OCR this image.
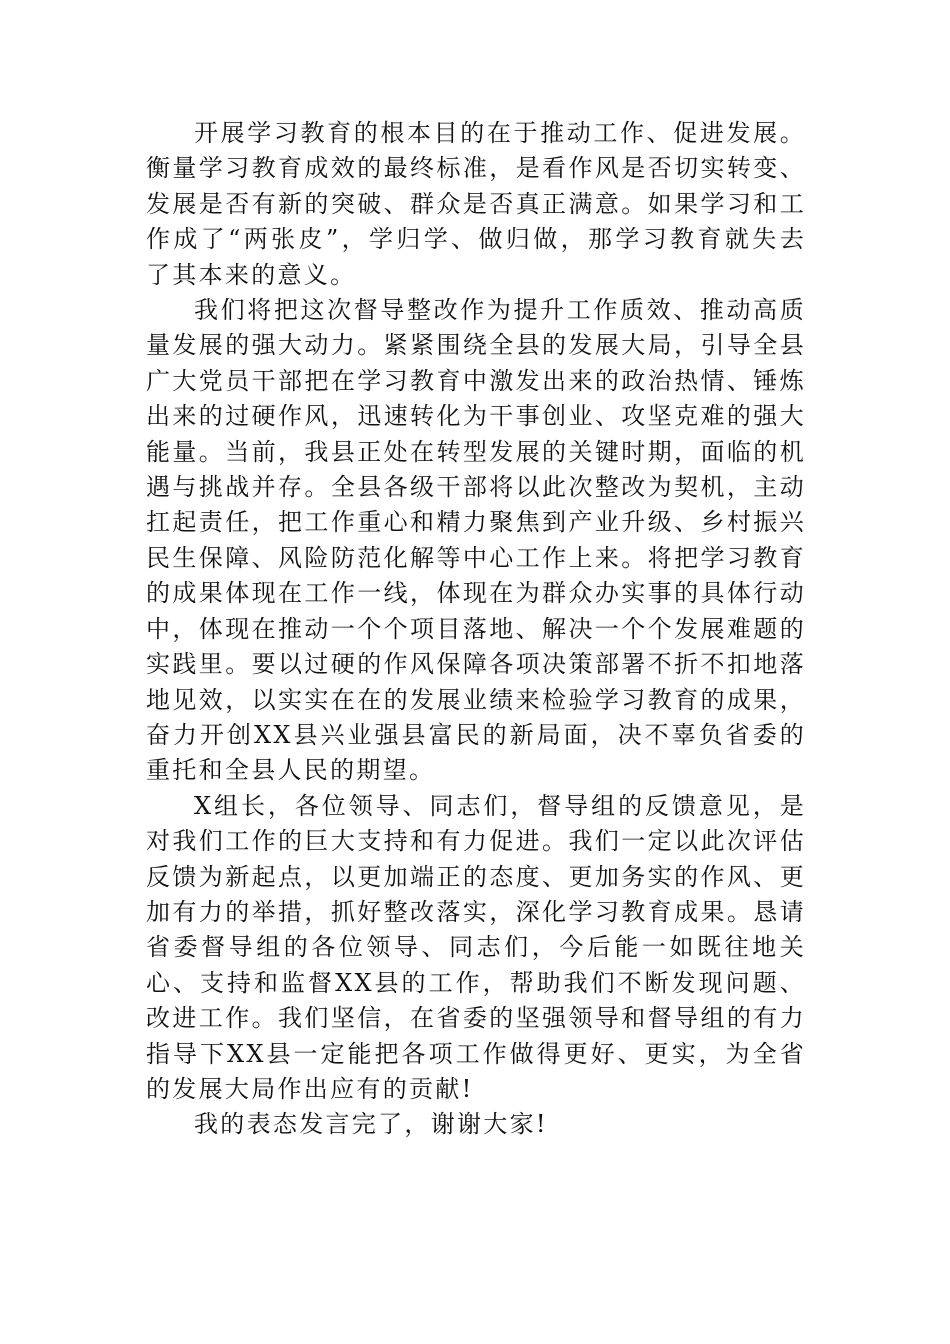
开展学习教育的根本目的在于推动工作、促进发展。衡量学习教育成效的最终标准，是看作风是否切实转变、发展是否有新的突破、群众是否真正满意。如果学习和工作成了“两张皮”，学归学、做归做，那学习教育就失去了其本来的意义。

我们将把这次督导整改作为提升工作质效、推动高质量发展的强大动力。紧紧围绕全县的发展大局，引导全县广大党员干部把在学习教育中激发出来的政治热情、锤炼出来的过硬作风，迅速转化为干事创业、攻坚克难的强大能量。当前，我县正处在转型发展的关键时期，面临的机遇与挑战并存。全县各级干部将以此次整改为契机，主动扛起责任，把工作重心和精力聚焦到产业升级、乡村振兴民生保障、风险防范化解等中心工作上来。将把学习教育的成果体现在工作一线，体现在为群众办实事的具体行动中，体现在推动一个个项目落地、解决一个个发展难题的实践里。要以过硬的作风保障各项决策部署不折不扣地落地见效，以实实在在的发展业绩来检验学习教育的成果，奋力开创XX县兴业强县富民的新局面，决不辜负省委的重托和全县人民的期望。

X组长，各位领导、同志们，督导组的反馈意见，是对我们工作的巨大支持和有力促进。我们一定以此次评估反馈为新起点，以更加端正的态度、更加务实的作风、更加有力的举措，抓好整改落实，深化学习教育成果。恳请省委督导组的各位领导、同志们，今后能一如既往地关心、支持和监督XX县的工作，帮助我们不断发现问题、改进工作。我们坚信，在省委的坚强领导和督导组的有力指导下XX县一定能把各项工作做得更好、更实，为全省的发展大局作出应有的贡献!

我的表态发言完了，谢谢大家!
